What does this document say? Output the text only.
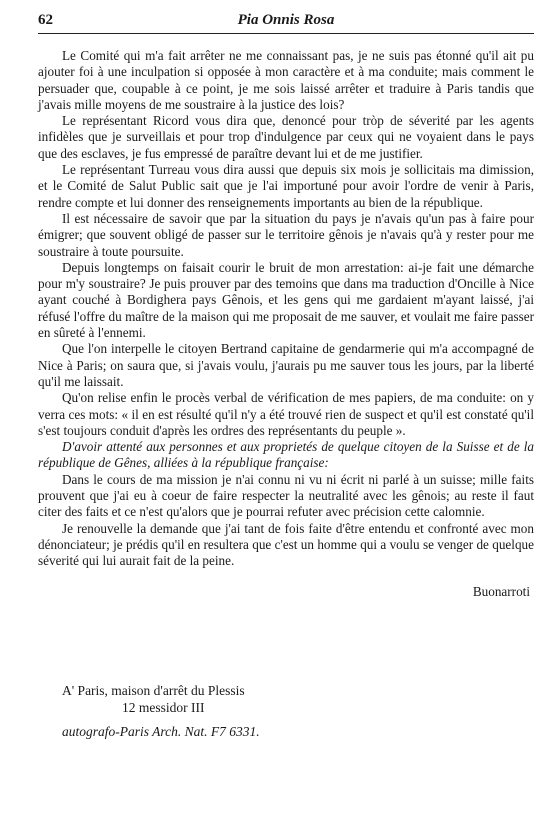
62	Pia Onnis Rosa

Le Comité qui m'a fait arrêter ne me connaissant pas, je ne suis pas étonné qu'il ait pu ajouter foi à une inculpation si opposée à mon caractère et à ma conduite; mais comment le persuader que, coupable à ce point, je me sois laissé arrêter et traduire à Paris tandis que j'avais mille moyens de me soustraire à la justice des lois?

Le représentant Ricord vous dira que, denoncé pour tròp de séverité par les agents infidèles que je surveillais et pour trop d'indulgence par ceux qui ne voyaient dans le pays que des esclaves, je fus empressé de paraître devant lui et de me justifier.

Le représentant Turreau vous dira aussi que depuis six mois je sollicitais ma dimission, et le Comité de Salut Public sait que je l'ai importuné pour avoir l'ordre de venir à Paris, rendre compte et lui donner des renseignements importants au bien de la république.

Il est nécessaire de savoir que par la situation du pays je n'avais qu'un pas à faire pour émigrer; que souvent obligé de passer sur le territoire gênois je n'avais qu'à y rester pour me soustraire à toute poursuite.

Depuis longtemps on faisait courir le bruit de mon arrestation: ai-je fait une démarche pour m'y soustraire? Je puis prouver par des temoins que dans ma traduction d'Oncille à Nice ayant couché à Bordighera pays Gênois, et les gens qui me gardaient m'ayant laissé, j'ai réfusé l'offre du maître de la maison qui me proposait de me sauver, et voulait me faire passer en sûreté à l'ennemi.

Que l'on interpelle le citoyen Bertrand capitaine de gendarmerie qui m'a accompagné de Nice à Paris; on saura que, si j'avais voulu, j'aurais pu me sauver tous les jours, par la liberté qu'il me laissait.

Qu'on relise enfin le procès verbal de vérification de mes papiers, de ma conduite: on y verra ces mots: « il en est résulté qu'il n'y a été trouvé rien de suspect et qu'il est constaté qu'il s'est toujours conduit d'après les ordres des représentants du peuple ».

D'avoir attenté aux personnes et aux proprietés de quelque citoyen de la Suisse et de la république de Gênes, alliées à la république française:

Dans le cours de ma mission je n'ai connu ni vu ni écrit ni parlé à un suisse; mille faits prouvent que j'ai eu à coeur de faire respecter la neutralité avec les gênois; au reste il faut citer des faits et ce n'est qu'alors que je pourrai refuter avec précision cette calomnie.

Je renouvelle la demande que j'ai tant de fois faite d'être entendu et confronté avec mon dénonciateur; je prédis qu'il en resultera que c'est un homme qui a voulu se venger de quelque séverité qui lui aurait fait de la peine.

Buonarroti
A' Paris, maison d'arrêt du Plessis
12 messidor III
autografo-Paris Arch. Nat. F7 6331.
